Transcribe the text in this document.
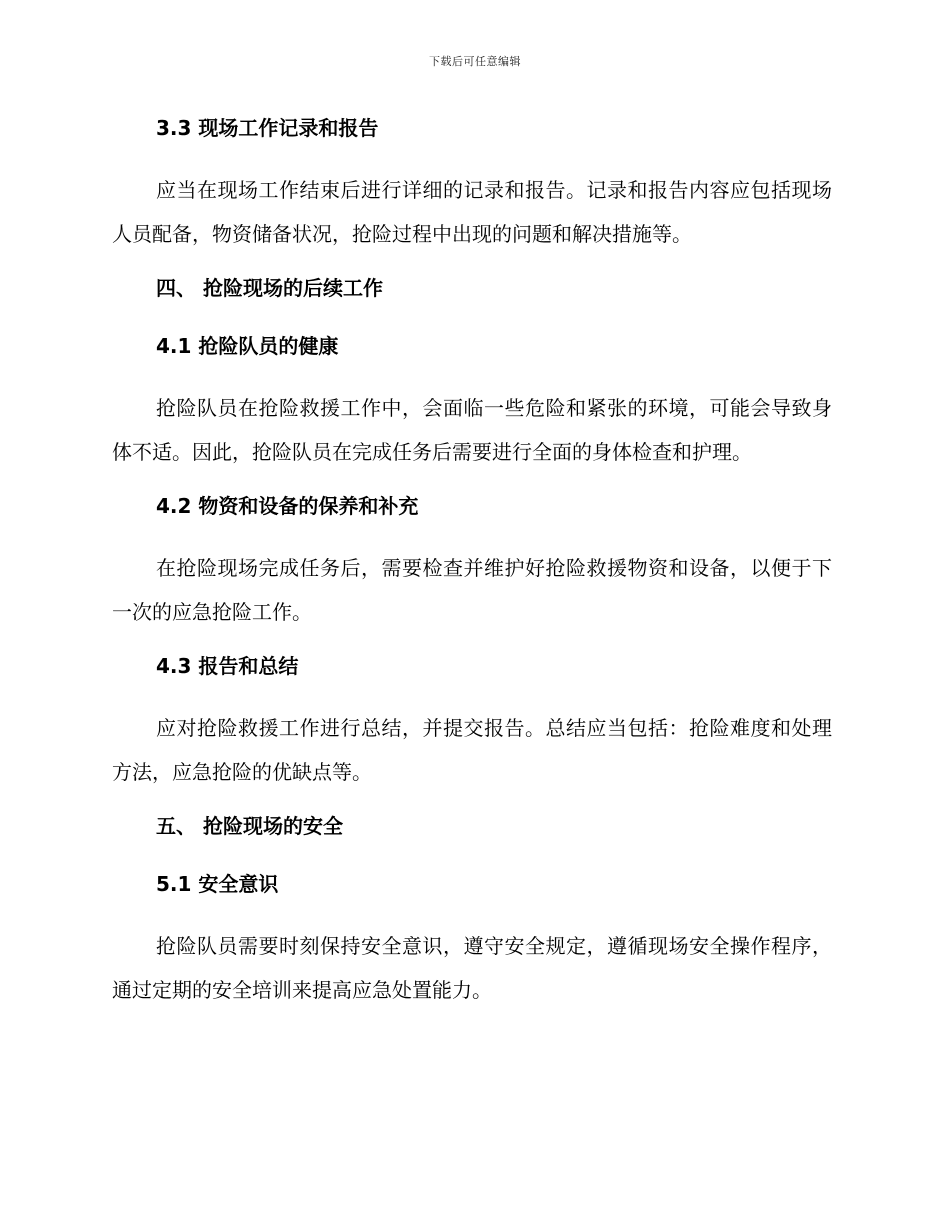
下载后可任意编辑
3.3 现场工作记录和报告

应当在现场工作结束后进行详细的记录和报告。记录和报告内容应包括现场人员配备，物资储备状况，抢险过程中出现的问题和解决措施等。

四、 抢险现场的后续工作
4.1 抢险队员的健康

抢险队员在抢险救援工作中，会面临一些危险和紧张的环境，可能会导致身体不适。因此，抢险队员在完成任务后需要进行全面的身体检查和护理。

4.2 物资和设备的保养和补充

在抢险现场完成任务后，需要检查并维护好抢险救援物资和设备，以便于下一次的应急抢险工作。

4.3 报告和总结

应对抢险救援工作进行总结，并提交报告。总结应当包括：抢险难度和处理方法，应急抢险的优缺点等。

五、 抢险现场的安全
5.1 安全意识

抢险队员需要时刻保持安全意识，遵守安全规定，遵循现场安全操作程序，通过定期的安全培训来提高应急处置能力。
